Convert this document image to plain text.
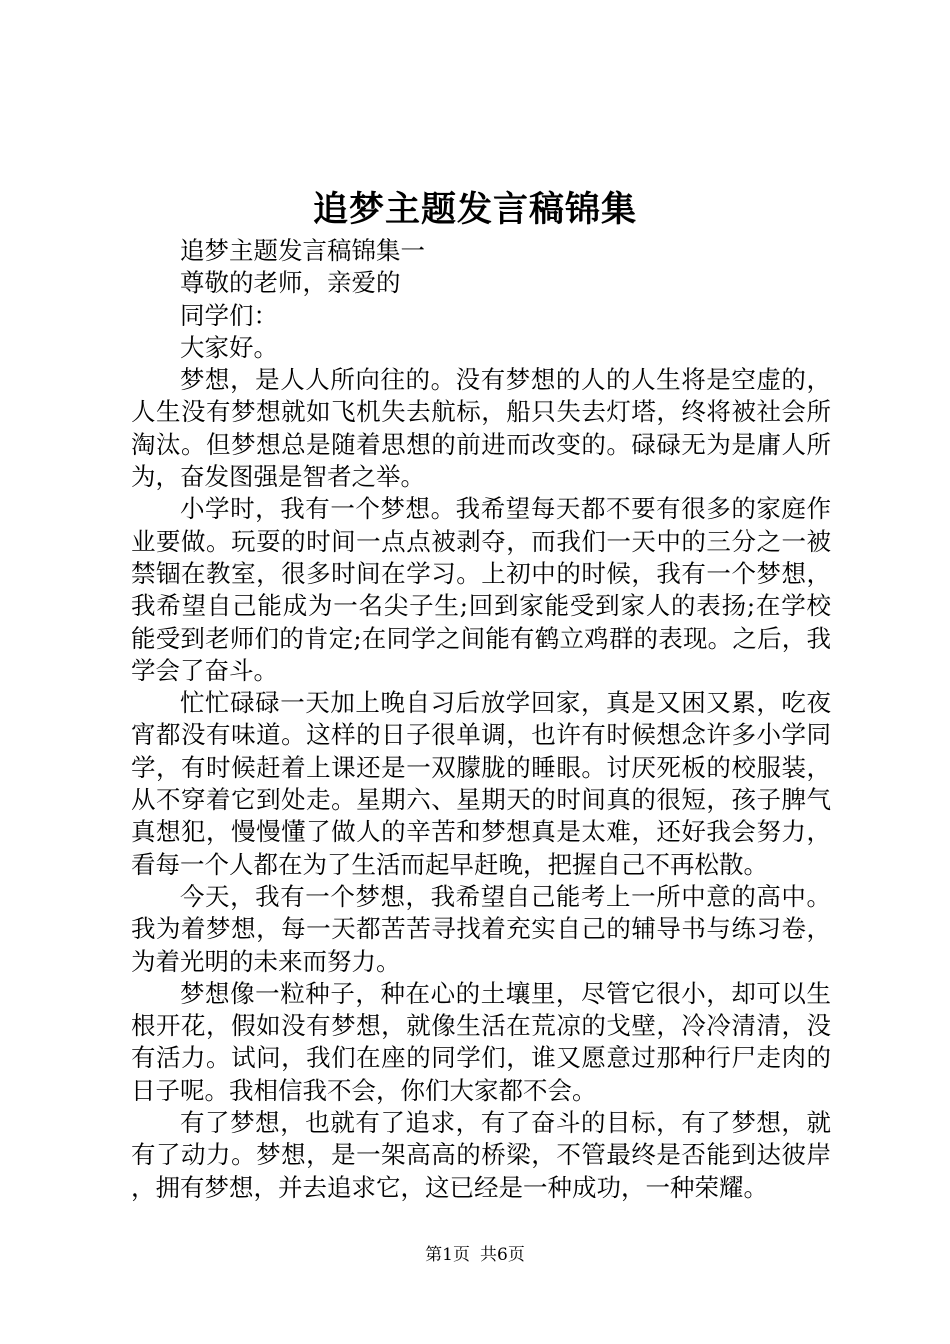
追梦主题发言稿锦集

追梦主题发言稿锦集一

尊敬的老师，亲爱的

同学们：

大家好。

梦想，是人人所向往的。没有梦想的人的人生将是空虚的，人生没有梦想就如飞机失去航标，船只失去灯塔，终将被社会所淘汰。但梦想总是随着思想的前进而改变的。碌碌无为是庸人所为，奋发图强是智者之举。

小学时，我有一个梦想。我希望每天都不要有很多的家庭作业要做。玩耍的时间一点点被剥夺，而我们一天中的三分之一被禁锢在教室，很多时间在学习。上初中的时候，我有一个梦想，我希望自己能成为一名尖子生;回到家能受到家人的表扬;在学校能受到老师们的肯定;在同学之间能有鹤立鸡群的表现。之后，我学会了奋斗。

忙忙碌碌一天加上晚自习后放学回家，真是又困又累，吃夜宵都没有味道。这样的日子很单调，也许有时候想念许多小学同学，有时候赶着上课还是一双朦胧的睡眼。讨厌死板的校服装，从不穿着它到处走。星期六、星期天的时间真的很短，孩子脾气真想犯，慢慢懂了做人的辛苦和梦想真是太难，还好我会努力，看每一个人都在为了生活而起早赶晚，把握自己不再松散。

今天，我有一个梦想，我希望自己能考上一所中意的高中。我为着梦想，每一天都苦苦寻找着充实自己的辅导书与练习卷，为着光明的未来而努力。

梦想像一粒种子，种在心的土壤里，尽管它很小，却可以生根开花，假如没有梦想，就像生活在荒凉的戈壁，冷冷清清，没有活力。试问，我们在座的同学们，谁又愿意过那种行尸走肉的日子呢。我相信我不会，你们大家都不会。

有了梦想，也就有了追求，有了奋斗的目标，有了梦想，就有了动力。梦想，是一架高高的桥梁，不管最终是否能到达彼岸，拥有梦想，并去追求它，这已经是一种成功，一种荣耀。

第1页 共6页
